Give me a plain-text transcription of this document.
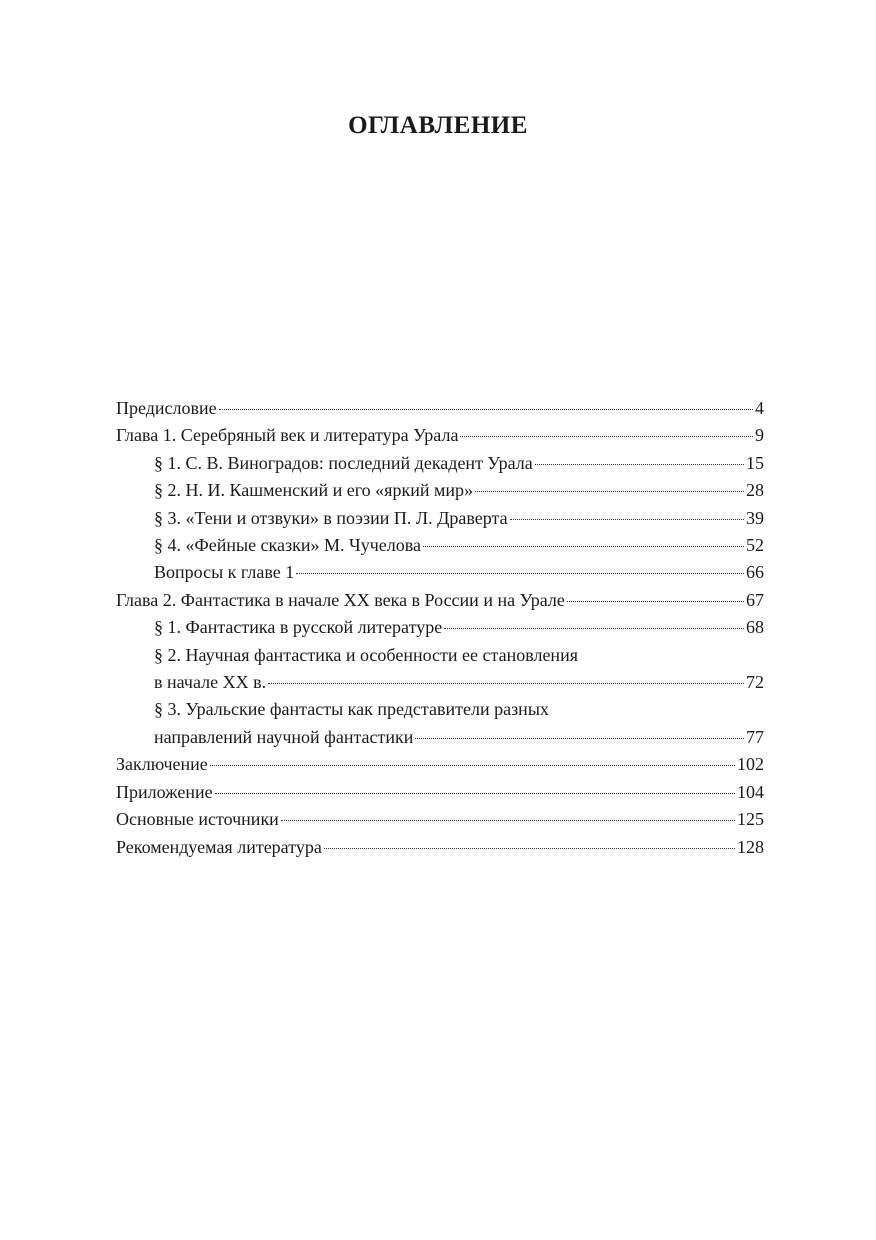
ОГЛАВЛЕНИЕ
Предисловие	4
Глава 1. Серебряный век и литература Урала	9
§ 1. С. В. Виноградов: последний декадент Урала	15
§ 2. Н. И. Кашменский и его «яркий мир»	28
§ 3. «Тени и отзвуки» в поэзии П. Л. Драверта	39
§ 4. «Фейные сказки» М. Чучелова	52
Вопросы к главе 1	66
Глава 2. Фантастика в начале XX века в России и на Урале	67
§ 1. Фантастика в русской литературе	68
§ 2. Научная фантастика и особенности ее становления
в начале XX в.	72
§ 3. Уральские фантасты как представители разных
направлений научной фантастики	77
Заключение	102
Приложение	104
Основные источники	125
Рекомендуемая литература	128
